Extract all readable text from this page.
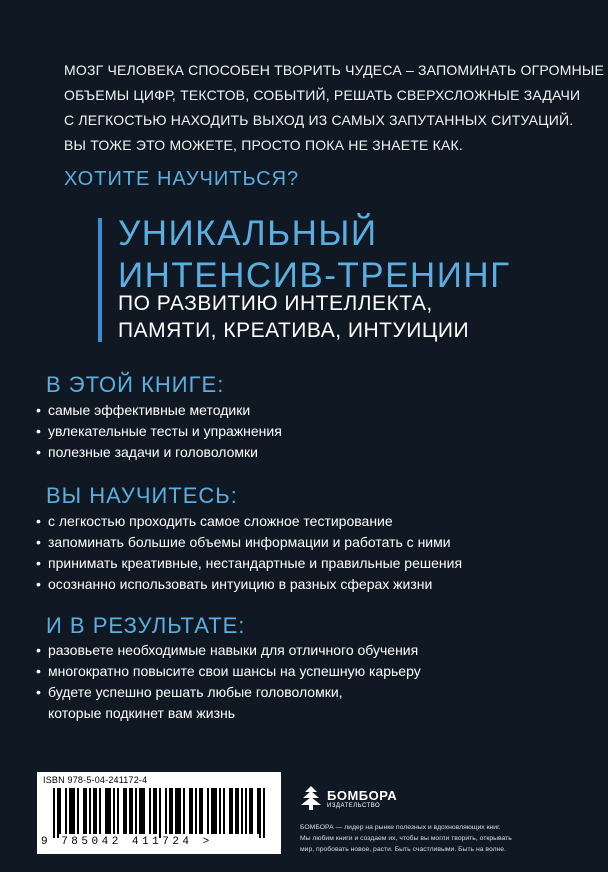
МОЗГ ЧЕЛОВЕКА СПОСОБЕН ТВОРИТЬ ЧУДЕСА – ЗАПОМИНАТЬ ОГРОМНЫЕ
ОБЪЕМЫ ЦИФР, ТЕКСТОВ, СОБЫТИЙ, РЕШАТЬ СВЕРХСЛОЖНЫЕ ЗАДАЧИ
С ЛЕГКОСТЬЮ НАХОДИТЬ ВЫХОД ИЗ САМЫХ ЗАПУТАННЫХ СИТУАЦИЙ.
ВЫ ТОЖЕ ЭТО МОЖЕТЕ, ПРОСТО ПОКА НЕ ЗНАЕТЕ КАК.

ХОТИТЕ НАУЧИТЬСЯ?
УНИКАЛЬНЫЙ
ИНТЕНСИВ-ТРЕНИНГ
ПО РАЗВИТИЮ ИНТЕЛЛЕКТА,
ПАМЯТИ, КРЕАТИВА, ИНТУИЦИИ
В ЭТОЙ КНИГЕ:
• самые эффективные методики
• увлекательные тесты и упражнения
• полезные задачи и головоломки
ВЫ НАУЧИТЕСЬ:
• с легкостью проходить самое сложное тестирование
• запоминать большие объемы информации и работать с ними
• принимать креативные, нестандартные и правильные решения
• осознанно использовать интуицию в разных сферах жизни
И В РЕЗУЛЬТАТЕ:
• разовьете необходимые навыки для отличного обучения
• многократно повысите свои шансы на успешную карьеру
• будете успешно решать любые головоломки,
которые подкинет вам жизнь
ISBN 978-5-04-241172-4
9 785042 411724 >
БОМБОРА
ИЗДАТЕЛЬСТВО

БОМБОРА — лидер на рынке полезных и вдохновляющих книг.
Мы любим книги и создаем их, чтобы вы могли творить, открывать
мир, пробовать новое, расти. Быть счастливыми. Быть на волне.
